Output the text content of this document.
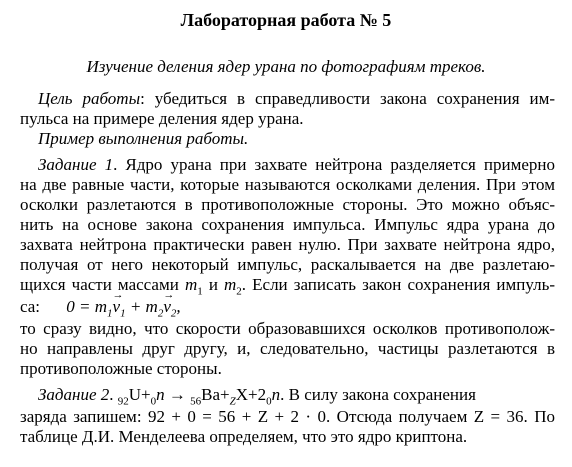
Лабораторная работа № 5
Изучение деления ядер урана по фотографиям треков.
Цель работы: убедиться в справедливости закона сохранения им-
пульса на примере деления ядер урана.
Пример выполнения работы.
Задание 1. Ядро урана при захвате нейтрона разделяется примерно
на две равные части, которые называются осколками деления. При этом
осколки разлетаются в противоположные стороны. Это можно объяс-
нить на основе закона сохранения импульса. Импульс ядра урана до
захвата нейтрона практически равен нулю. При захвате нейтрона ядро,
получая от него некоторый импульс, раскалывается на две разлетаю-
щихся части массами $m_1$ и $m_2$. Если записать закон сохранения импуль-
са: $0 = m_1\to v_1 + m_2\to v_2$,
то сразу видно, что скорости образовавшихся осколков противополож-
но направлены друг другу, и, следовательно, частицы разлетаются в
противоположные стороны.
Задание 2. $_{92}U+_0n \to _{56}Ba+_ZX+2_0n$. В силу закона сохранения
заряда запишем: 92 + 0 = 56 + Z + 2 · 0. Отсюда получаем Z = 36. По
таблице Д.И. Менделеева определяем, что это ядро криптона.
